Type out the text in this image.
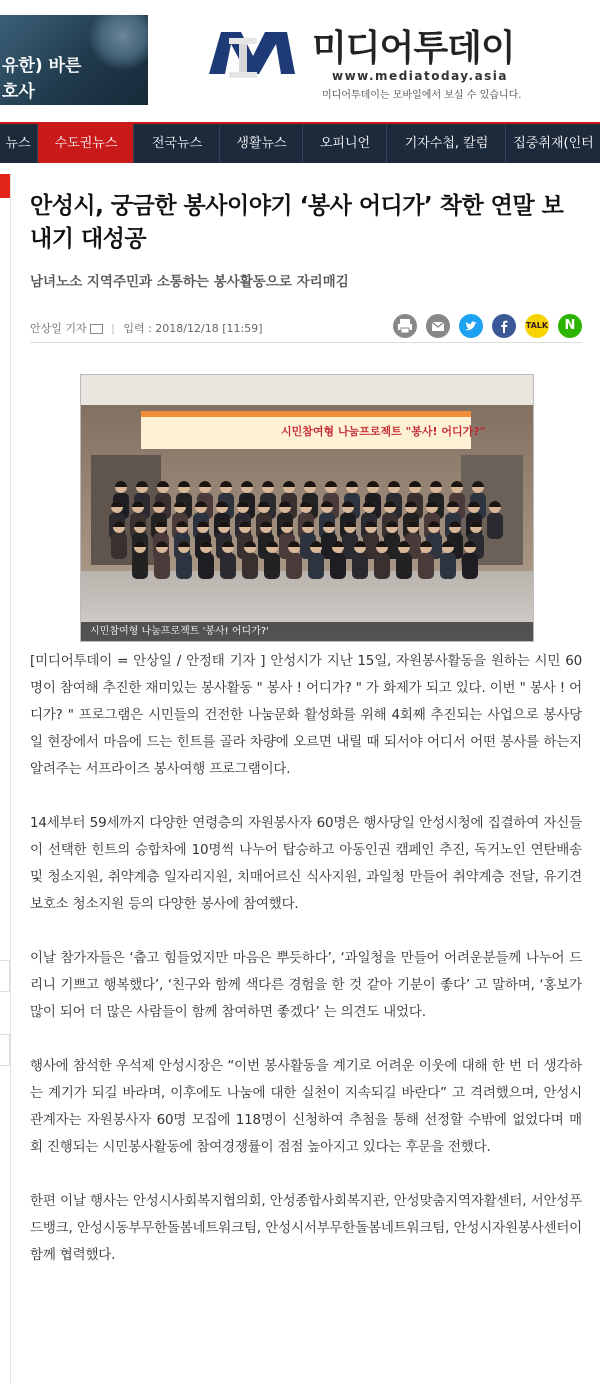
유한) 바른
호사
미디어투데이
www.mediatoday.asia
미디어투데이는 모바일에서 보실 수 있습니다.
뉴스	수도권뉴스	전국뉴스	생활뉴스	오피니언	기자수첩, 칼럼	집중취재(인터
안성시, 궁금한 봉사이야기 ‘봉사 어디가’ 착한 연말 보내기 대성공
남녀노소 지역주민과 소통하는 봉사활동으로 자리매김
안상일 기자 | 입력 : 2018/12/18 [11:59]	TALK N
시민참여형 나눔프로젝트 "봉사! 어디가?"
시민참여형 나눔프로젝트 '봉사! 어디가?'

[미디어투데이 = 안상일 / 안정태 기자 ] 안성시가 지난 15일, 자원봉사활동을 원하는 시민 60명이 참여해 추진한 재미있는 봉사활동 " 봉사 ! 어디가? " 가 화제가 되고 있다. 이번 " 봉사 ! 어디가? " 프로그램은 시민들의 건전한 나눔문화 활성화를 위해 4회째 추진되는 사업으로 봉사당일 현장에서 마음에 드는 힌트를 골라 차량에 오르면 내릴 때 되서야 어디서 어떤 봉사를 하는지 알려주는 서프라이즈 봉사여행 프로그램이다.

14세부터 59세까지 다양한 연령층의 자원봉사자 60명은 행사당일 안성시청에 집결하여 자신들이 선택한 힌트의 승합차에 10명씩 나누어 탑승하고 아동인권 캠페인 추진, 독거노인 연탄배송 및 청소지원, 취약계층 일자리지원, 치매어르신 식사지원, 과일청 만들어 취약계층 전달, 유기견보호소 청소지원 등의 다양한 봉사에 참여했다.

이날 참가자들은 ‘춥고 힘들었지만 마음은 뿌듯하다’, ‘과일청을 만들어 어려운분들께 나누어 드리니 기쁘고 행복했다’, ‘친구와 함께 색다른 경험을 한 것 같아 기분이 좋다’ 고 말하며, ‘홍보가 많이 되어 더 많은 사람들이 함께 참여하면 좋겠다’ 는 의견도 내었다.

행사에 참석한 우석제 안성시장은 “이번 봉사활동을 계기로 어려운 이웃에 대해 한 번 더 생각하는 계기가 되길 바라며, 이후에도 나눔에 대한 실천이 지속되길 바란다” 고 격려했으며, 안성시 관계자는 자원봉사자 60명 모집에 118명이 신청하여 추첨을 통해 선정할 수밖에 없었다며 매 회 진행되는 시민봉사활동에 참여경쟁률이 점점 높아지고 있다는 후문을 전했다.

한편 이날 행사는 안성시사회복지협의회, 안성종합사회복지관, 안성맞춤지역자활센터, 서안성푸드뱅크, 안성시동부무한돌봄네트워크팀, 안성시서부무한돌봄네트워크팀, 안성시자원봉사센터이 함께 협력했다.
